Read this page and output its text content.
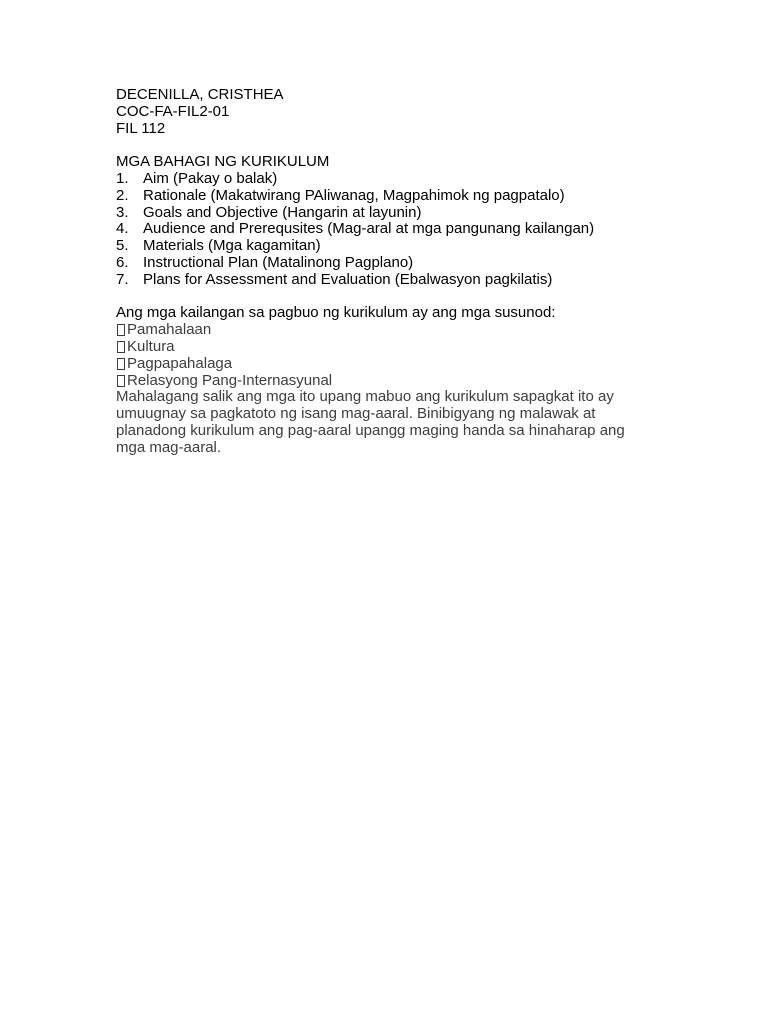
DECENILLA, CRISTHEA
COC-FA-FIL2-01
FIL 112
MGA BAHAGI NG KURIKULUM
1. Aim (Pakay o balak)
2. Rationale (Makatwirang PAliwanag, Magpahimok ng pagpatalo)
3. Goals and Objective (Hangarin at layunin)
4. Audience and Prerequsites (Mag-aral at mga pangunang kailangan)
5. Materials (Mga kagamitan)
6. Instructional Plan (Matalinong Pagplano)
7. Plans for Assessment and Evaluation (Ebalwasyon pagkilatis)
Ang mga kailangan sa pagbuo ng kurikulum ay ang mga susunod:
Pamahalaan
Kultura
Pagpapahalaga
Relasyong Pang-Internasyunal
Mahalagang salik ang mga ito upang mabuo ang kurikulum sapagkat ito ay umuugnay sa pagkatoto ng isang mag-aaral. Binibigyang ng malawak at planadong kurikulum ang pag-aaral upangg maging handa sa hinaharap ang mga mag-aaral.
